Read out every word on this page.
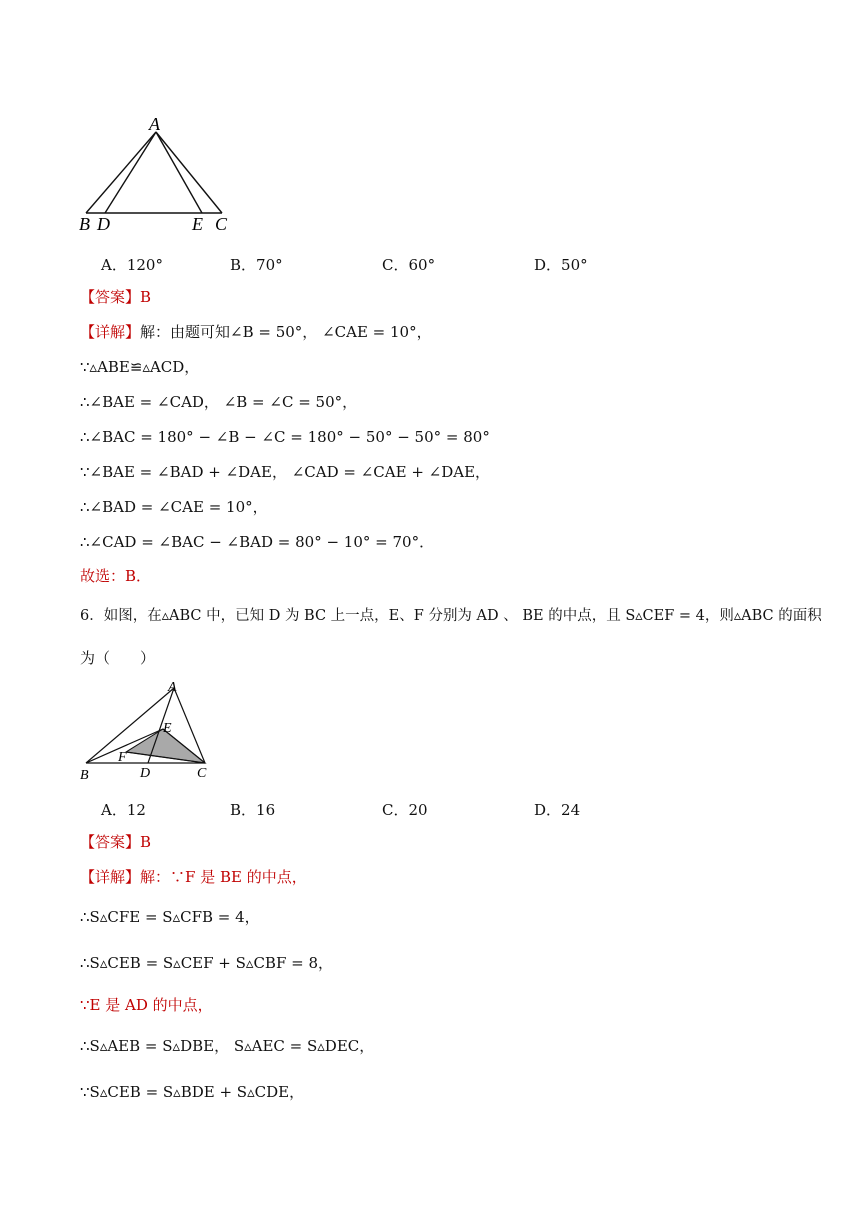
A
B D	E C
A．120°	B．70°	C．60°	D．50°
【答案】B
【详解】解：由题可知∠B = 50°， ∠CAE = 10°，
∵▵ABE≌▵ACD，
∴∠BAE = ∠CAD， ∠B = ∠C = 50°，
∴∠BAC = 180° − ∠B − ∠C = 180° − 50° − 50° = 80°
∵∠BAE = ∠BAD + ∠DAE， ∠CAD = ∠CAE + ∠DAE，
∴∠BAD = ∠CAE = 10°，
∴∠CAD = ∠BAC − ∠BAD = 80° − 10° = 70°．
故选：B．
6．如图，在▵ABC 中，已知 D 为 BC 上一点，E、F 分别为 AD 、 BE 的中点，且 S▵CEF = 4，则▵ABC 的面积
为（　　）
A
E
F
B	D	C
A．12	B．16	C．20	D．24
【答案】B
【详解】解：∵F 是 BE 的中点，
∴S▵CFE = S▵CFB = 4，
∴S▵CEB = S▵CEF + S▵CBF = 8，
∵E 是 AD 的中点，
∴S▵AEB = S▵DBE， S▵AEC = S▵DEC，
∵S▵CEB = S▵BDE + S▵CDE，
